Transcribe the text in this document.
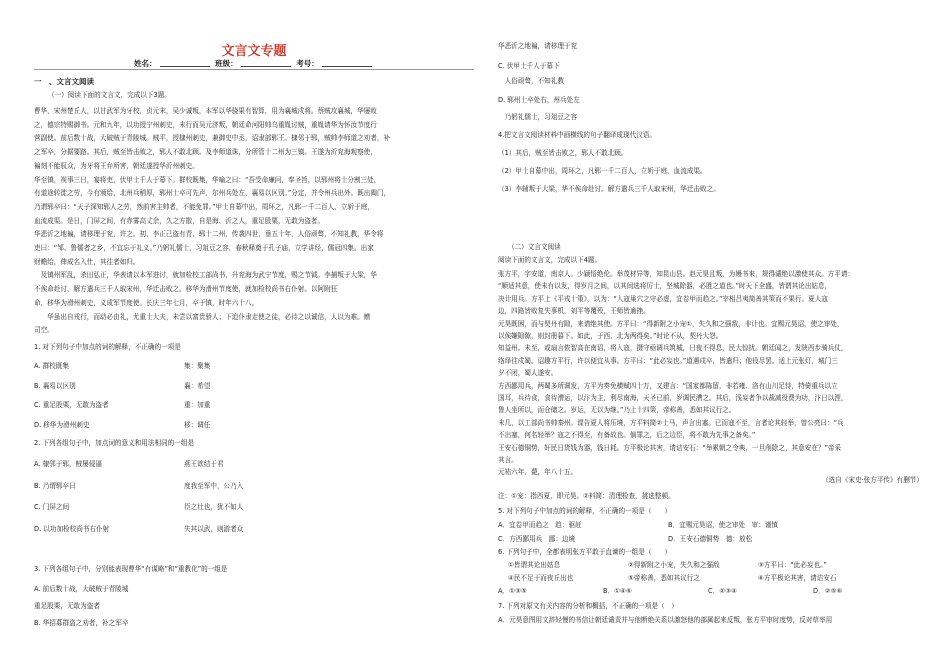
文言文专题
姓名：	班级：	考号：
一　、文言文阅读
（一）阅读下面的文言文，完成以下3题。
曹华，宋州楚丘人，以甘武军为牙校，贞元末，吴少诚叛，本军以华骁果有智算，用为襄城戍将。蔡贼攻襄城，华屡败
之，德宗特赐御书。元和九年，以功授宁州刺史，未行而吴元济叛，朝廷命河阳帅乌重胤讨贼，重胤请华为怀汝节度行
营副使。前后数十战，大破贼于青陵城。贼平，授棣州刺史，兼御史中丞，诏隶部郓王。棣邻于郓，贼帅李师道之劝者，补
之军卒，分据要路。其后，贼至皆击败之，郓人不敢北顾。及李师道诛，分所管十二州为三镇。王遂为沂兖海观察使，
褊刻不能驭众，为牙将王弁所害，朝廷遂授华沂州刺史。
华至镇，视事三日，宴将吏，伏甲士千人于幕下。群校既集，华喻之曰：“吾受命廉问，奉圣旨，以郓州将士分割三处，
有道途转徙之劳，今有颁给，北州兵稍厚，郓州士卒可先声，尔州兵处左，襄易以区别。”分定，并令州兵出外。既出阖门，
乃谓郓卒曰：“天子深知郓人之劳，然前害主帅者，不能免罪。”甲士自幕中出，周环之，凡郓一千二百人，立斩于庭，
血流成渠。是日，门屏之间，有赤雾高丈余，久之方散，自是海、沂之人，重足股栗，无敢为盗者。
华恶沂之地褊，请移理于兖，许之。初，李正己盗有青、郓十二州，传袭四世，垂五十年，人俗顽骜，不知礼教，华令将
吏曰：“邹、鲁儒者之乡，不宜忘于礼义。”乃躬礼儒士，习俎豆之容，春秋释奠于孔子庙，立学讲经，儒冠四集。出家
财赡给，俾成名入仕，其往者如归。
　及镇州军乱，杀田弘正，华表请以本军进讨，就加检校工部尚书，升兖海为武宁节度，赐之节钺。李捕叛于大梁，华
不俟命赴讨，解方遣兵三千人取宋州，华迁击败之。移华为滑州节度使，就加检校尚书右仆射。以阿附狂
命，移华为滑州刺史，义成军节度使。长庆三年七月，卒于镇，时年六十八。
　　华虽出自戎行，而动必由礼，尤重士大夫，未尝以富贵骄人；下迨仆隶走使之徒，必待之以诚信，人以为难。赠
司空。
1. 对下列句子中加点的词的解释，不正确的一项是
A. 群校既集	集：聚集
B. 襄易以区别	襄：希望
C. 重足股栗，无敢为盗者	重：加重
D. 移华为滑州刺史	移：调任
2. 下列各组句子中，加点词的意义和用法相同的一组是
A. 棣邻于郓，贼屡侵逼	燕王欲结于君
B. 乃谓郓卒曰	度我至军中，公乃入
C. 门屏之间	臣之壮也，犹不如人
D. 以功加检校尚书右仆射	失其以武，则游者众
3. 下列各组句子中，分别能表现曹华“有谋略”和“重教化”的一组是
A. 前后数十战，大破贼于青陵城
重足股栗，无敢为盗者
B. 华招募群盗之劝者，补之军卒
华恶沂之地褊，请移理于兖
C. 伏甲士千人于幕下
　人俗顽骜，不知礼教
D. 郓州士卒处右，州兵处左
　乃躬礼儒士，习俎豆之容
4.把文言文阅读材料中画横线的句子翻译成现代汉语。
（1）其后，贼至皆击败之，郓人不敢北顾。
（2）甲士自幕中出，周环之，凡郓一千二百人，立斩于庭，血流成渠。
（3）李辅叛于大梁，华不俟命赴讨。解方遣兵三千人取宋州，华迁击败之。
（二）文言文阅读
阅读下面的文言文，完成以下4题。
张方平，字安道，南京人。少颖悟绝伦。举茂材异等，知昆山县。赵元昊且叛，为嫚书来，规得谴绝以激使其众。方平请：
“顺适其意，使未有以发，得岁月之间，以其间选将厉士，坚城除器，必胜之道也。”时天下全盛，皆谓其论出姑息，
决计用兵。方平上《平戎十策》，以为：“入寇巢穴之守必虚，宜卷甲而趋之。”宰相吕夷简善其策而不果行。夏人寇
边，四路皆败复失事机，刘平等覆殁，王师皆逾挫。
元昊既困，而与契丹有隙，来请绝其使。方平曰：“得新附之小宠①，失久和之强敌，非计也。宜赐元昊诏，使之审处，
以俟嫌隙隙，则封册暮下。如此，于西、北为两得矣。”时论不从，契丹大怨。
知益州。未至，或扇言侬智高在南诏，将入寇，摄守亟调兵筑城，日夜不得息，民大惊扰。朝廷闻之，发陕西步骑兵仗，
络绎往戍蜀。诏趣方平行，许以便宜从事。方平曰：“此必妄也。”道遇戍卒，皆遣归；他役尽罢。适上元张灯，城门三
夕不闭，蜀人遂安。
方西鄙用兵，两蜀多所调发，方平为奏免横赋四十万，又建言：“国家都陈留，非若雍、洛有山川足恃，特倚重兵以立
国耳，兵待食，食待漕运，以汴为主，利尽南海，天圣已前，岁调民漕之。其后，浅妄者争以裁减役费为功，汴日以湮，
鲁人坐所以，而仓储之。岁运，无以为继。”乃上十四策，帝称善，悉如其议行之。
未几，以工部尚书帅秦州。谍告夏人将压境，方平料简②士马，声言出塞。已而寇不至，言者论其轻举，曾公亮曰：“兵
不出塞，何名轻举？寇之不得至，有备故也。倘罪之，后之边臣，将不敢为先事之备矣。”
王安石德铜势，奸民日货钱为器，钱日耗。方平极论其害，请诘安石：“举累朝之令典，一旦削除之，其意安在？”帝采
其言。
元祐六年，薨，年八十五。
（选自《宋史·张方平传》有删节）
注：①宠：指西夏，即元昊。②料简：清理检查，挑选整顿。
5. 对下列句子中加点的词的解释，不正确的一项是（　　）
A．宜卷甲而趋之　趋：驱赶	B．宜赐元昊诏，使之审处　审：谨慎
C．方西鄙用兵　鄙：边境	D．王安石德铜势　德：放松
6. 下列句子中，全都表明张方平敢于直谏的一组是（　　）
①皆谓其论出姑息	②得新附之小宠，失久和之强敌	③方平曰：“此必妄也。”
④民不足于而夜丘出也	⑤帝称善，悉如其议行之	⑥方平极论其害，请诘安石
A．①③⑤	B．①④⑥	C．②③④	D．②⑤⑥
7. 下列对原文有关内容的分析和概括，不正确的一项是（　）
A．元昊意图用文辞轻慢的书信让朝廷谴责并与他断绝关系以激怒他的部属起来反叛，张方平审时度势，反对草率用
